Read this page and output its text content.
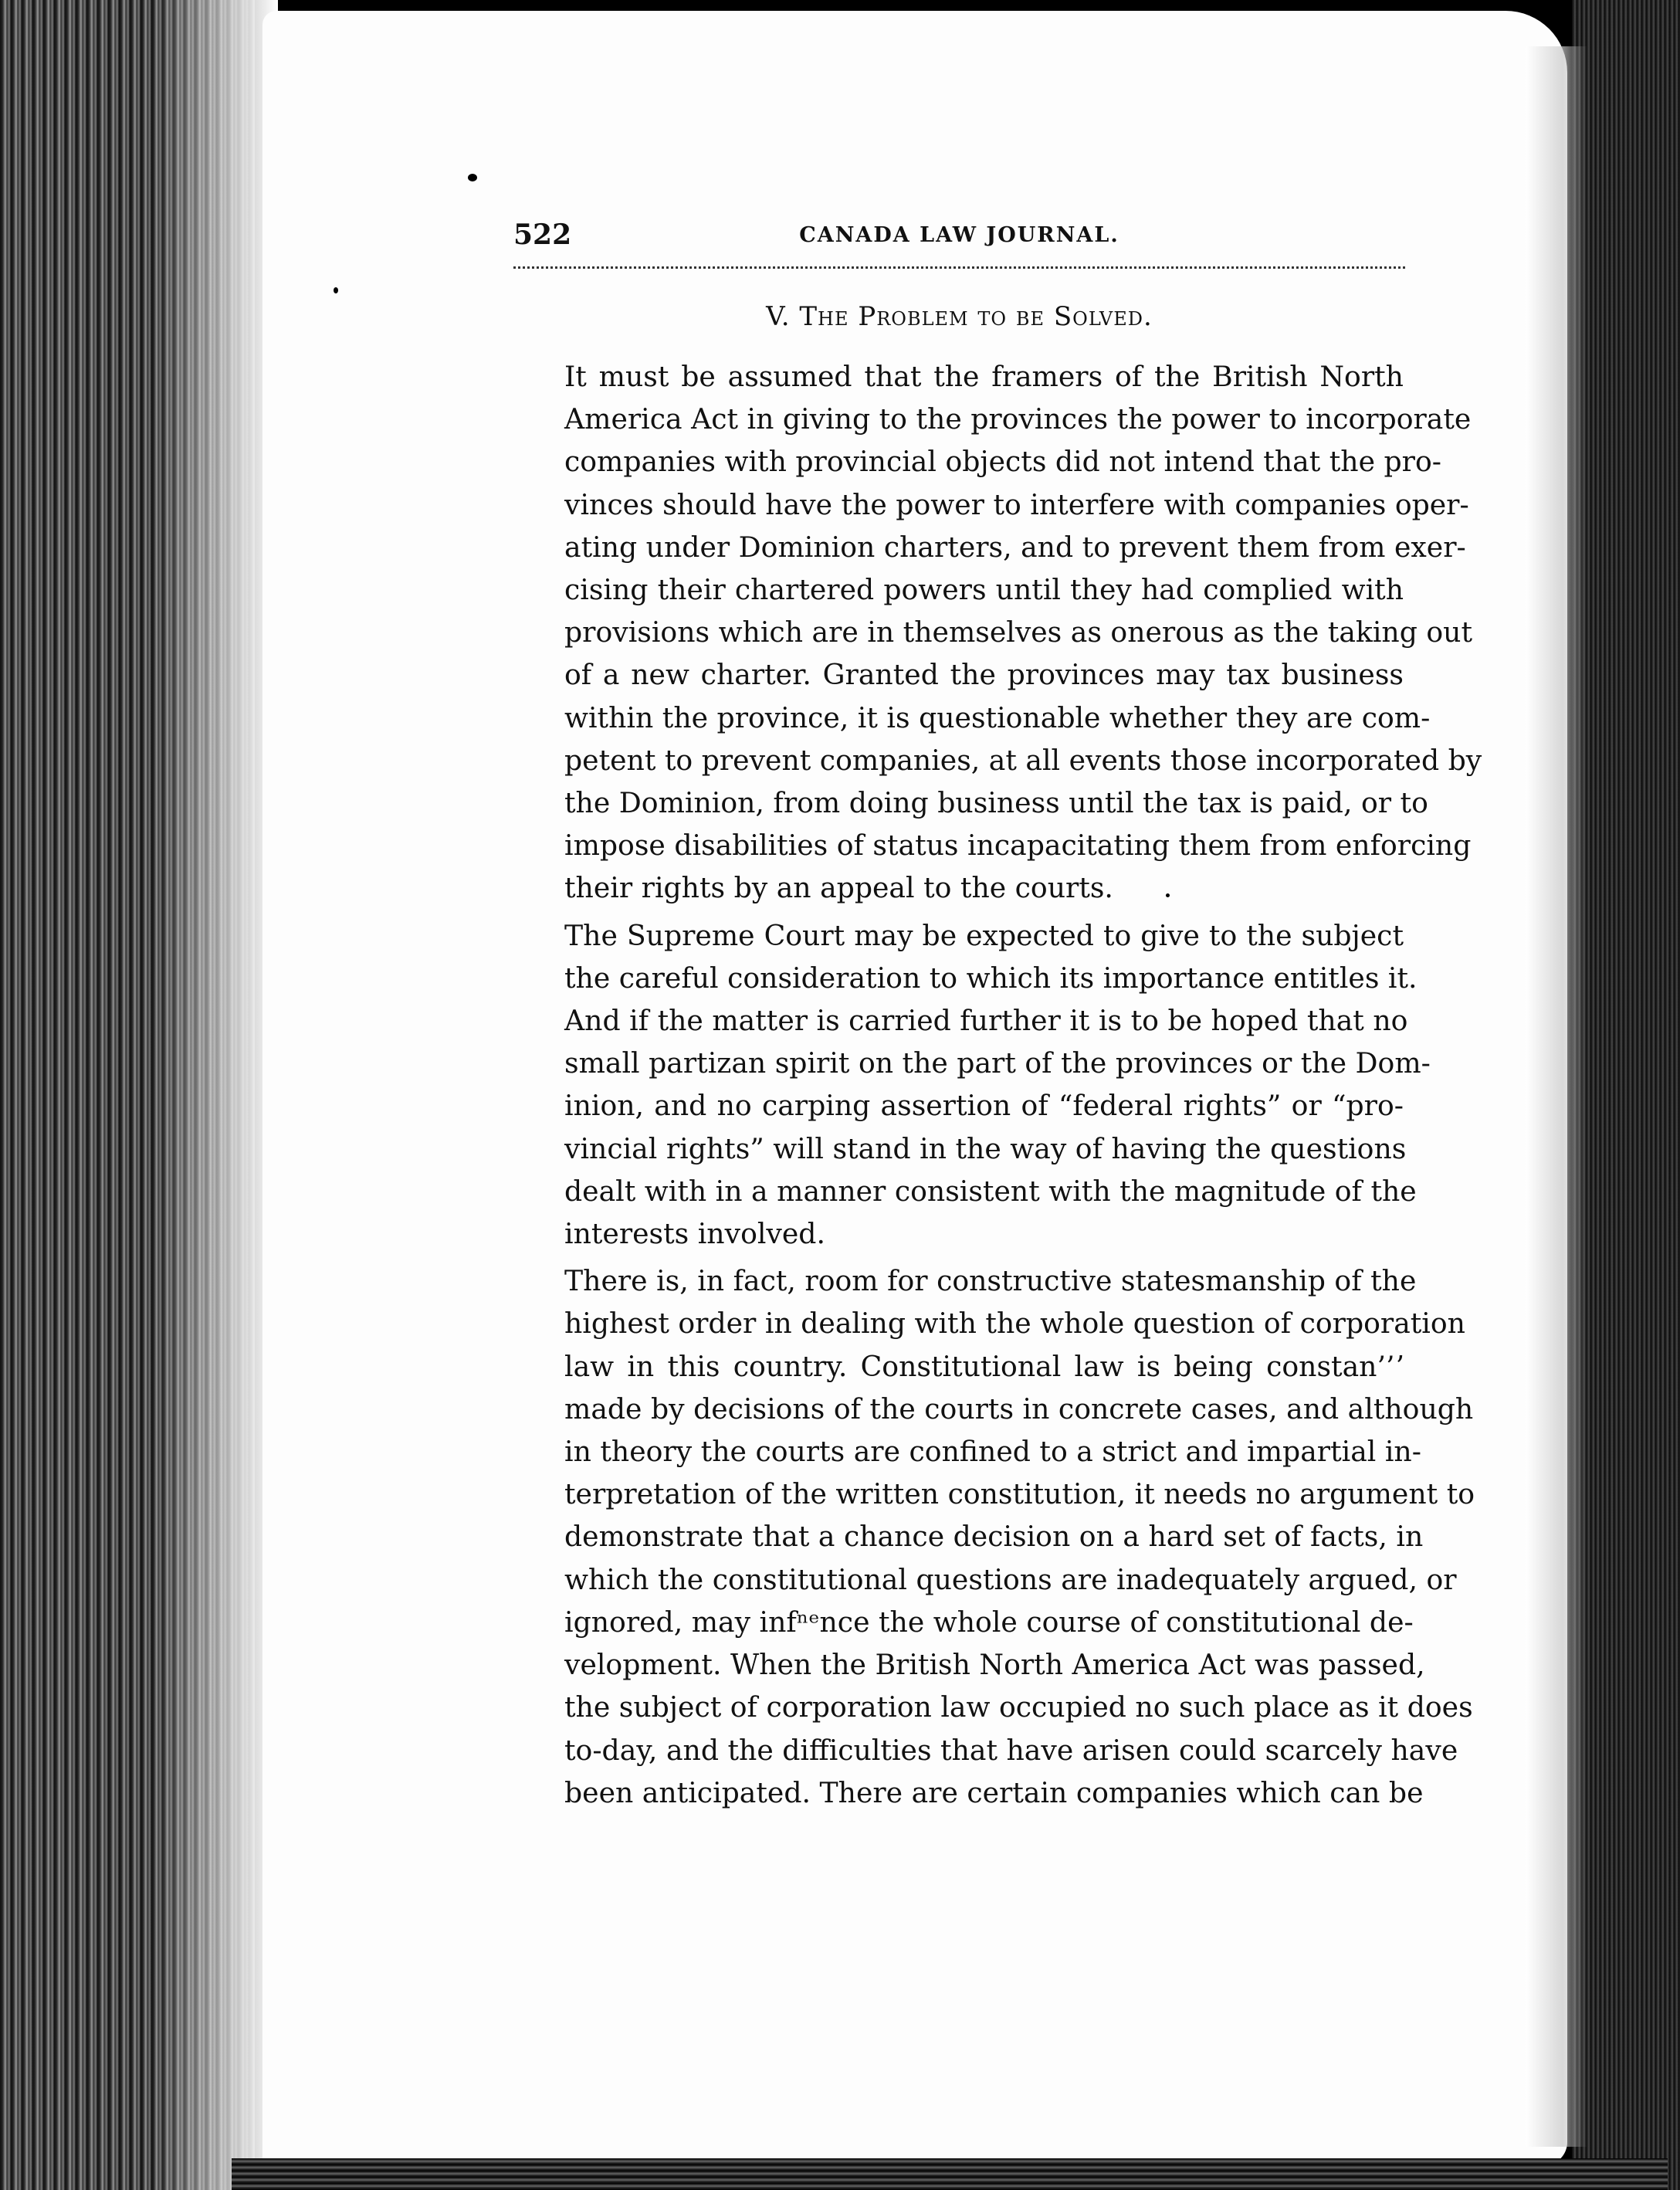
522	CANADA LAW JOURNAL.
V. The Problem to be Solved.

It must be assumed that the framers of the British North
America Act in giving to the provinces the power to incorporate
companies with provincial objects did not intend that the pro-
vinces should have the power to interfere with companies oper-
ating under Dominion charters, and to prevent them from exer-
cising their chartered powers until they had complied with
provisions which are in themselves as onerous as the taking out
of a new charter. Granted the provinces may tax business
within the province, it is questionable whether they are com-
petent to prevent companies, at all events those incorporated by
the Dominion, from doing business until the tax is paid, or to
impose disabilities of status incapacitating them from enforcing
their rights by an appeal to the courts.

The Supreme Court may be expected to give to the subject
the careful consideration to which its importance entitles it.
And if the matter is carried further it is to be hoped that no
small partizan spirit on the part of the provinces or the Dom-
inion, and no carping assertion of “federal rights” or “pro-
vincial rights” will stand in the way of having the questions
dealt with in a manner consistent with the magnitude of the
interests involved.

There is, in fact, room for constructive statesmanship of the
highest order in dealing with the whole question of corporation
law in this country. Constitutional law is being constan’’ʼ
made by decisions of the courts in concrete cases, and although
in theory the courts are confined to a strict and impartial in-
terpretation of the written constitution, it needs no argument to
demonstrate that a chance decision on a hard set of facts, in
which the constitutional questions are inadequately argued, or
ignored, may infⁿᵉnce the whole course of constitutional de-
velopment. When the British North America Act was passed,
the subject of corporation law occupied no such place as it does
to-day, and the difficulties that have arisen could scarcely have
been anticipated. There are certain companies which can be
